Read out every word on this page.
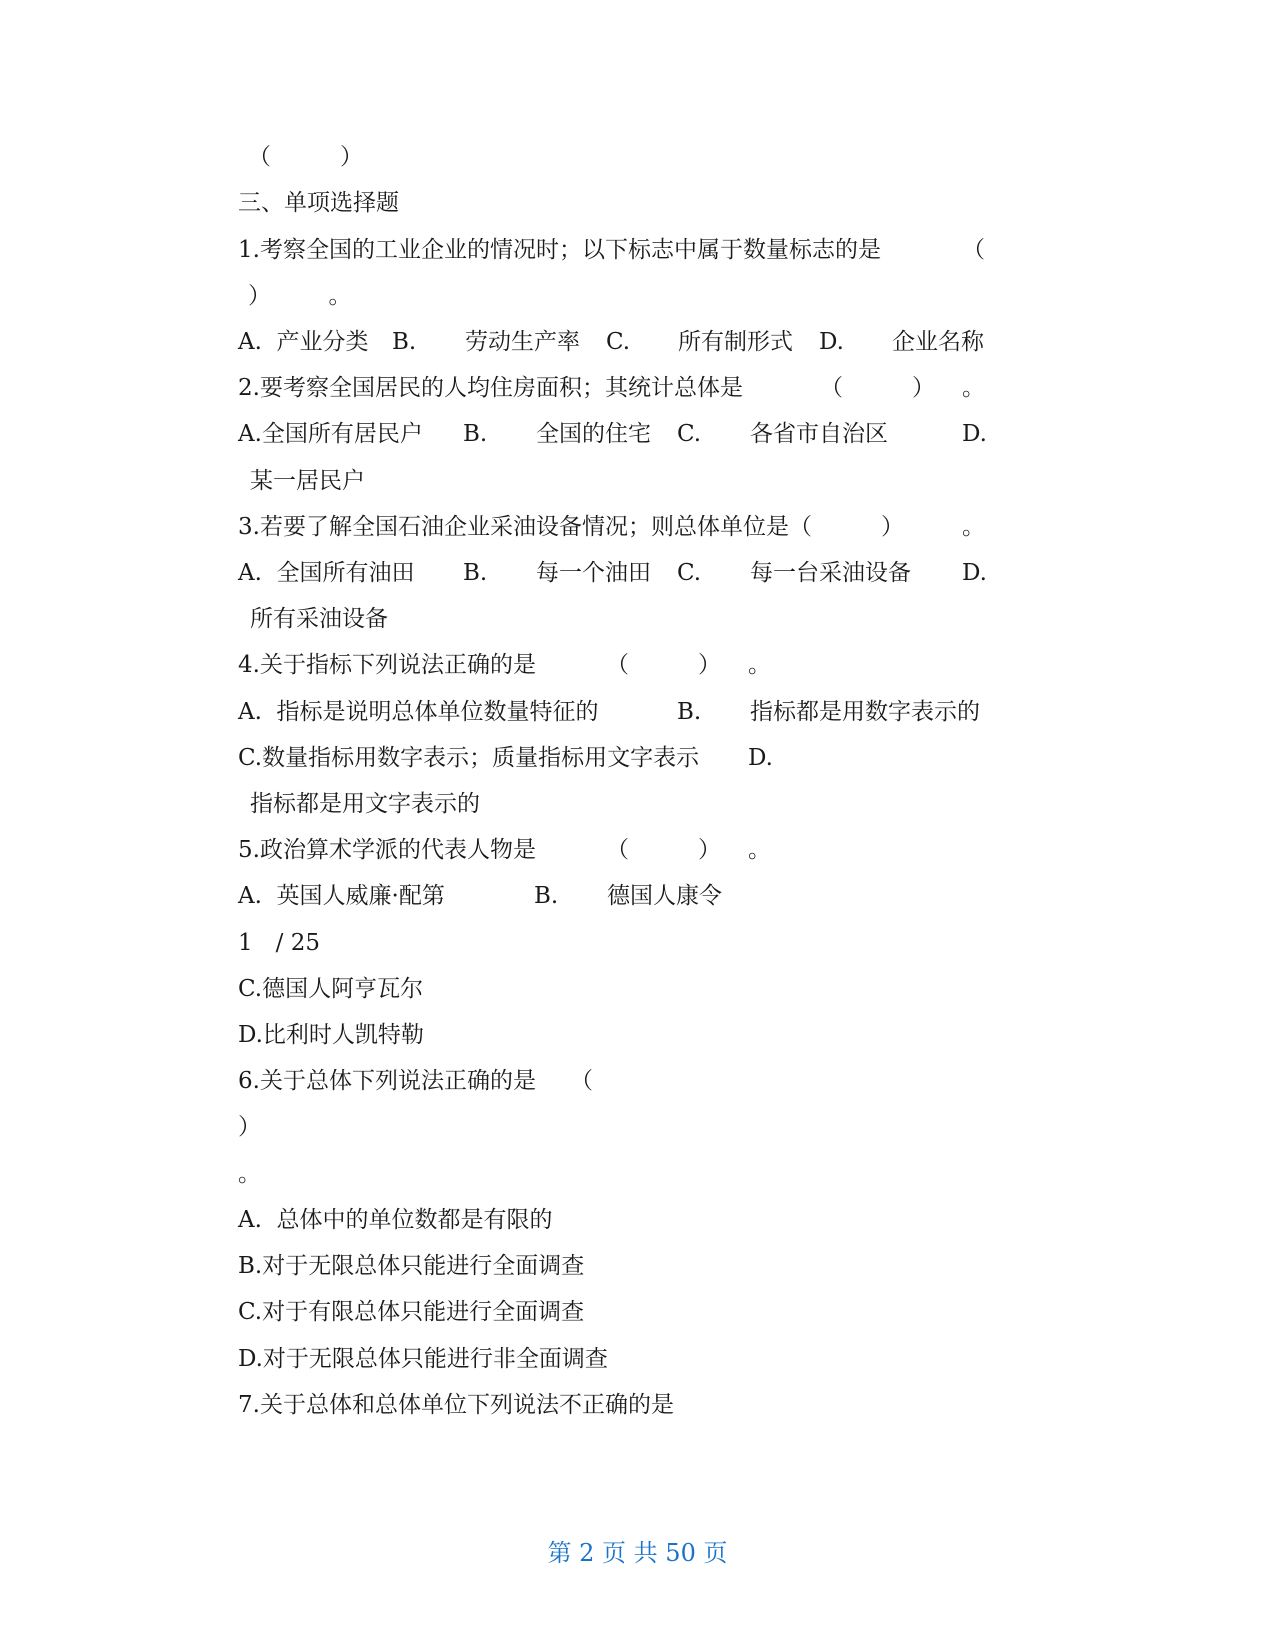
（　　　）
三、单项选择题
1.考察全国的工业企业的情况时；以下标志中属于数量标志的是	（
）　　　。
A.  产业分类 B. 劳动生产率 C. 所有制形式 D. 企业名称
2.要考察全国居民的人均住房面积；其统计总体是	（　　　） 。
A.全国所有居民户 B. 全国的住宅 C. 各省市自治区	D.
某一居民户
3.若要了解全国石油企业采油设备情况；则总体单位是（　　　）	。
A.  全国所有油田 B. 每一个油田 C. 每一台采油设备 D.
所有采油设备
4.关于指标下列说法正确的是	（　　　） 。
A.  指标是说明总体单位数量特征的	B. 指标都是用数字表示的
C.数量指标用数字表示；质量指标用文字表示 D.
指标都是用文字表示的
5.政治算术学派的代表人物是	（　　　） 。
A.  英国人威廉·配第	B. 德国人康令
1　/ 25
C.德国人阿亨瓦尔
D.比利时人凯特勒
6.关于总体下列说法正确的是 （
）
。
A.  总体中的单位数都是有限的
B.对于无限总体只能进行全面调查
C.对于有限总体只能进行全面调查
D.对于无限总体只能进行非全面调查
7.关于总体和总体单位下列说法不正确的是
第 2 页 共 50 页
